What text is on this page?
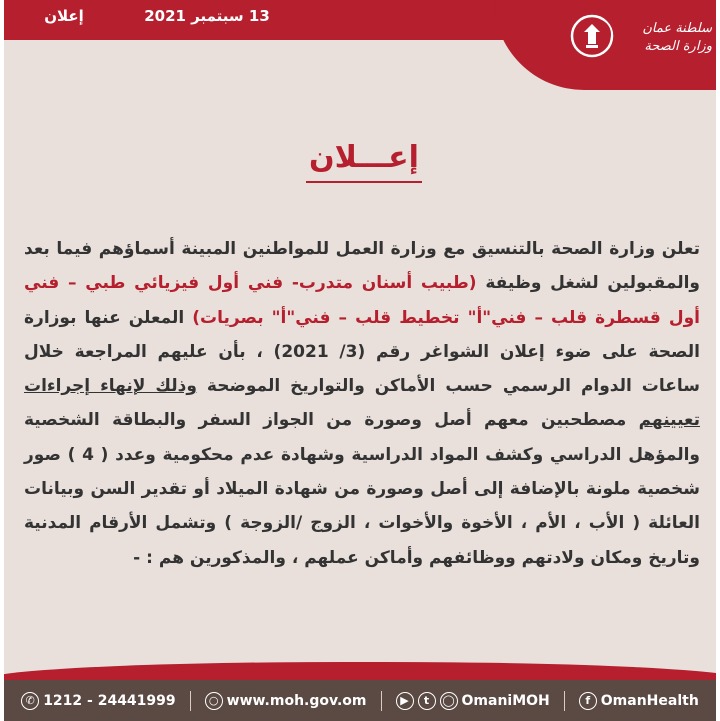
إعلان	13 سبتمبر 2021
سلطنة عمان
وزارة الصحة
إعـــلان
تعلن وزارة الصحة بالتنسيق مع وزارة العمل للمواطنين المبينة أسماؤهم فيما بعد والمقبولين لشغل وظيفة (طبيب أسنان متدرب- فني أول فيزيائي طبي – فني أول قسطرة قلب – فني"أ" تخطيط قلب – فني"أ" بصريات) المعلن عنها بوزارة الصحة على ضوء إعلان الشواغر رقم (3/ 2021) ، بأن عليهم المراجعة خلال ساعات الدوام الرسمي حسب الأماكن والتواريخ الموضحة وذلك لإنهاء إجراءات تعيينهم مصطحبين معهم أصل وصورة من الجواز السفر والبطاقة الشخصية والمؤهل الدراسي وكشف المواد الدراسية وشهادة عدم محكومية وعدد ( 4 ) صور شخصية ملونة بالإضافة إلى أصل وصورة من شهادة الميلاد أو تقدير السن وبيانات العائلة ( الأب ، الأم ، الأخوة والأخوات ، الزوج /الزوجة ) وتشمل الأرقام المدنية وتاريخ ومكان ولادتهم ووظائفهم وأماكن عملهم ، والمذكورين هم : -
✆ 1212 - 24441999	○ www.moh.gov.om	▶	t	◯ OmaniMOH	f OmanHealth
